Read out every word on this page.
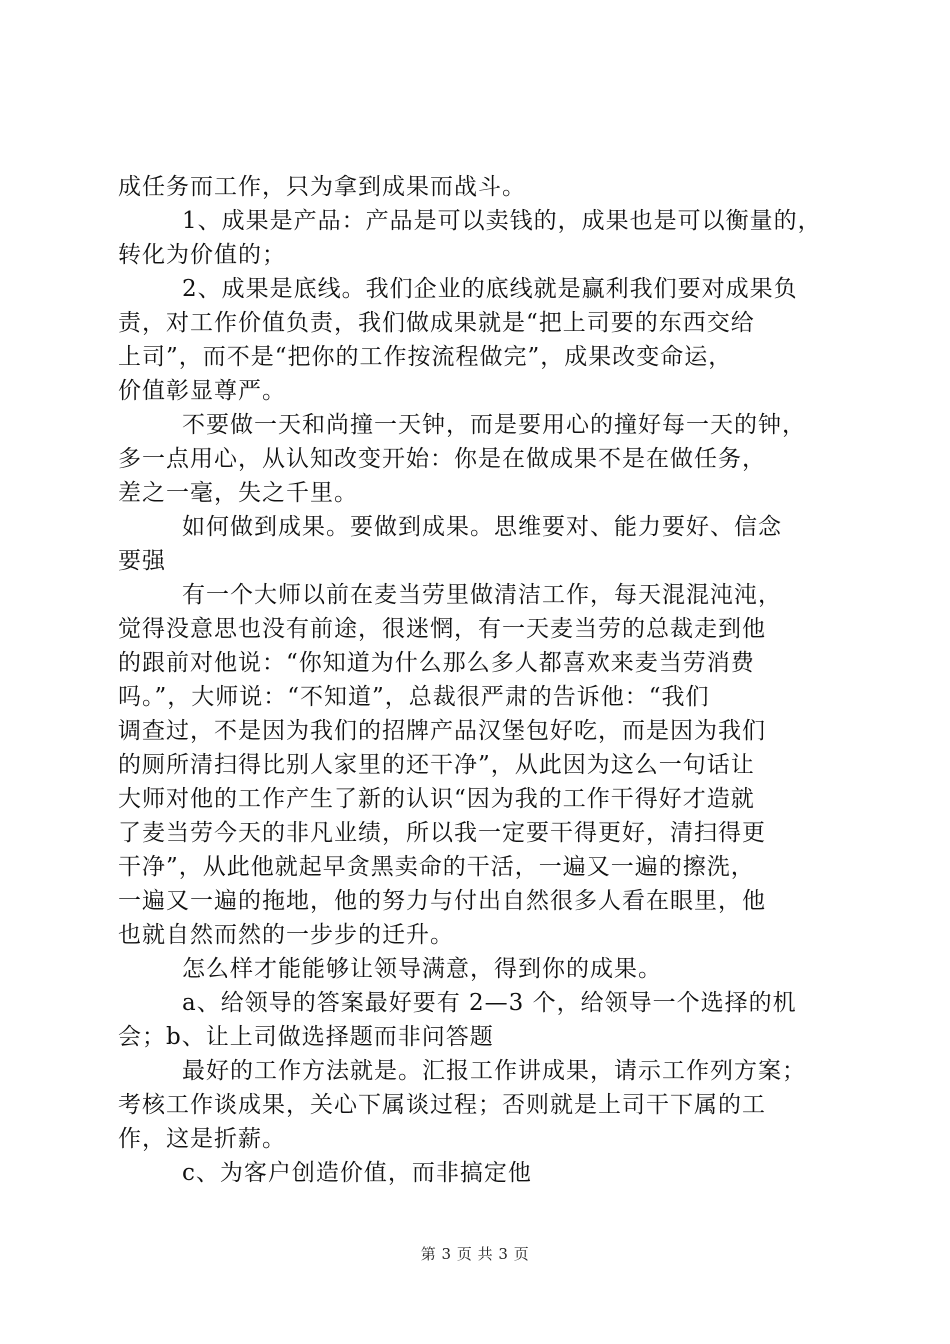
成任务而工作，只为拿到成果而战斗。
1、成果是产品：产品是可以卖钱的，成果也是可以衡量的，
转化为价值的；
2、成果是底线。我们企业的底线就是赢利我们要对成果负
责，对工作价值负责，我们做成果就是“把上司要的东西交给
上司”，而不是“把你的工作按流程做完”，成果改变命运，
价值彰显尊严。
不要做一天和尚撞一天钟，而是要用心的撞好每一天的钟，
多一点用心，从认知改变开始：你是在做成果不是在做任务，
差之一毫，失之千里。
如何做到成果。要做到成果。思维要对、能力要好、信念
要强
有一个大师以前在麦当劳里做清洁工作，每天混混沌沌，
觉得没意思也没有前途，很迷惘，有一天麦当劳的总裁走到他
的跟前对他说：“你知道为什么那么多人都喜欢来麦当劳消费
吗。”，大师说：“不知道”，总裁很严肃的告诉他：“我们
调查过，不是因为我们的招牌产品汉堡包好吃，而是因为我们
的厕所清扫得比别人家里的还干净”，从此因为这么一句话让
大师对他的工作产生了新的认识“因为我的工作干得好才造就
了麦当劳今天的非凡业绩，所以我一定要干得更好，清扫得更
干净”，从此他就起早贪黑卖命的干活，一遍又一遍的擦洗，
一遍又一遍的拖地，他的努力与付出自然很多人看在眼里，他
也就自然而然的一步步的迁升。
怎么样才能能够让领导满意，得到你的成果。
a、给领导的答案最好要有 2—3 个，给领导一个选择的机
会；b、让上司做选择题而非问答题
最好的工作方法就是。汇报工作讲成果，请示工作列方案；
考核工作谈成果，关心下属谈过程；否则就是上司干下属的工
作，这是折薪。
c、为客户创造价值，而非搞定他
第 3 页 共 3 页
